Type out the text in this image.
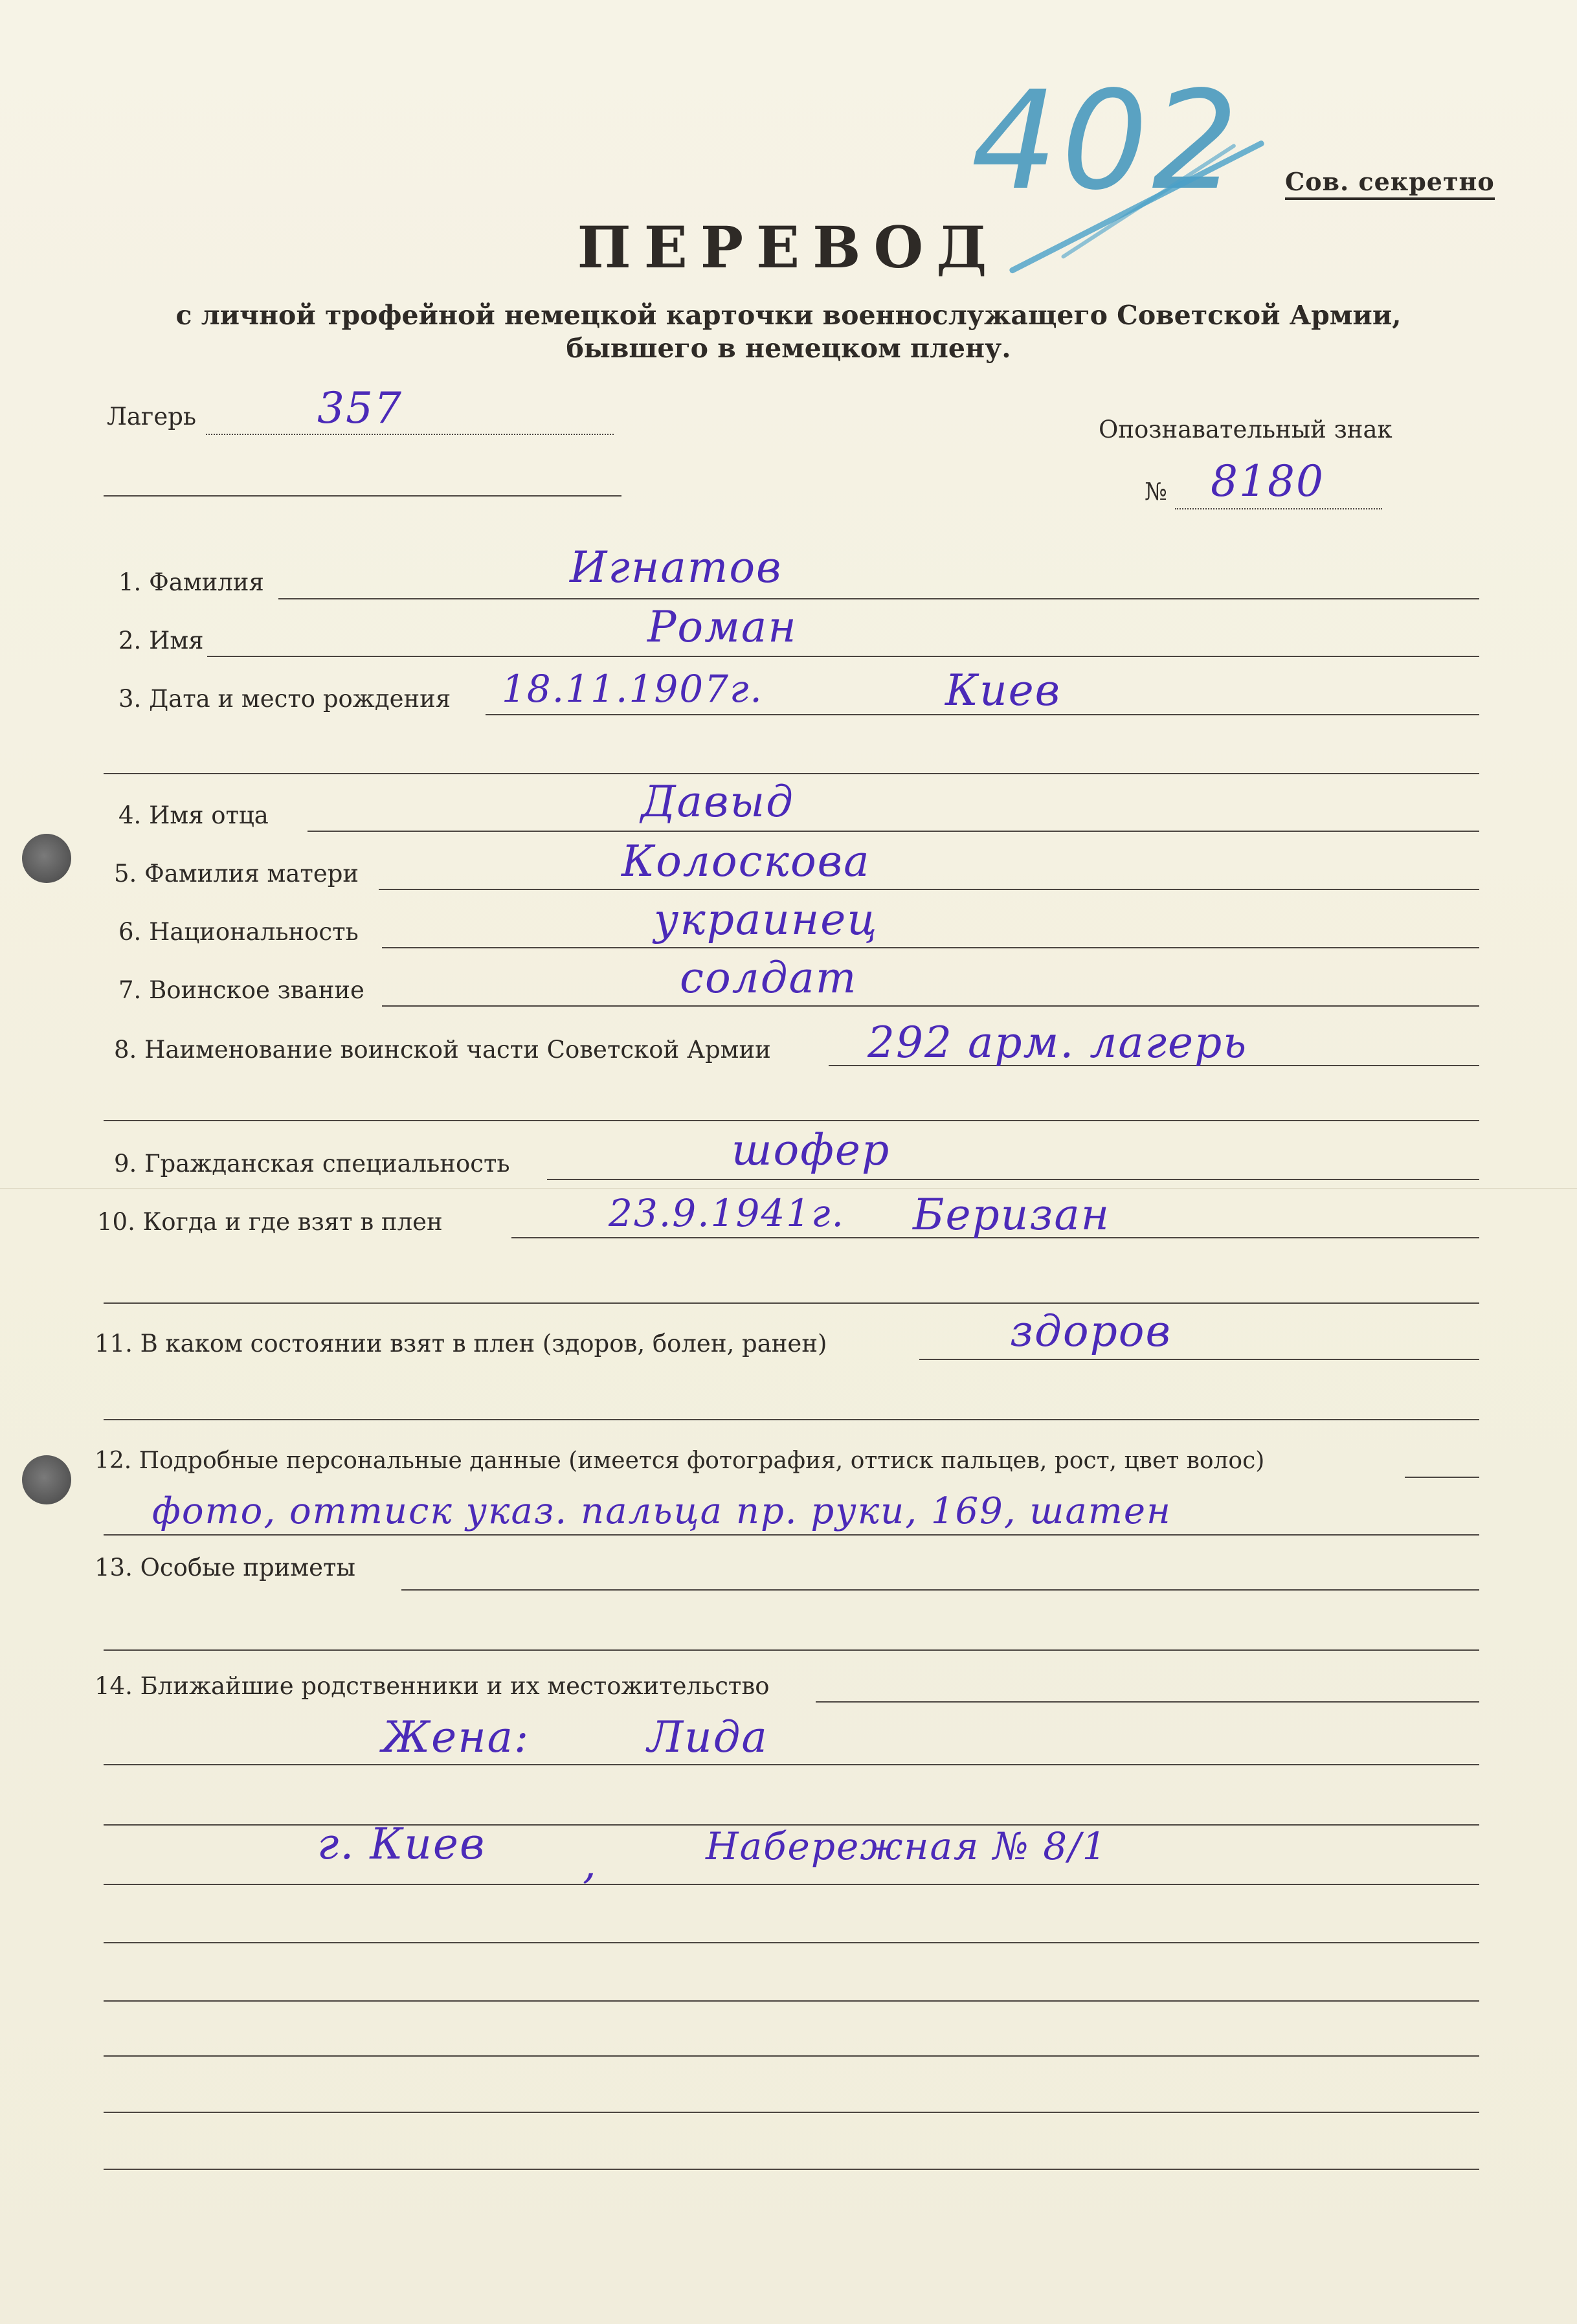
402 Сов. секретно
ПЕРЕВОД
с личной трофейной немецкой карточки военнослужащего Советской Армии,
бывшего в немецком плену.
Лагерь	357	Опознавательный знак
№ 8180
1. Фамилия	Игнатов
2. Имя	Роман
3. Дата и место рождения 18.11.1907г.	Киев
4. Имя отца	Давыд
5. Фамилия матери	Колоскова
6. Национальность	украинец
7. Воинское звание	солдат
8. Наименование воинской части Советской Армии 292 арм. лагерь
9. Гражданская специальность	шофер
10. Когда и где взят в плен	23.9.1941г. Беризан
11. В каком состоянии взят в плен (здоров, болен, ранен)	здоров
12. Подробные персональные данные (имеется фотография, оттиск пальцев, рост, цвет волос)
фото, оттиск указ. пальца пр. руки, 169, шатен
13. Особые приметы
14. Ближайшие родственники и их местожительство
Жена:	Лида
г. Киев ,	Набережная № 8/1
